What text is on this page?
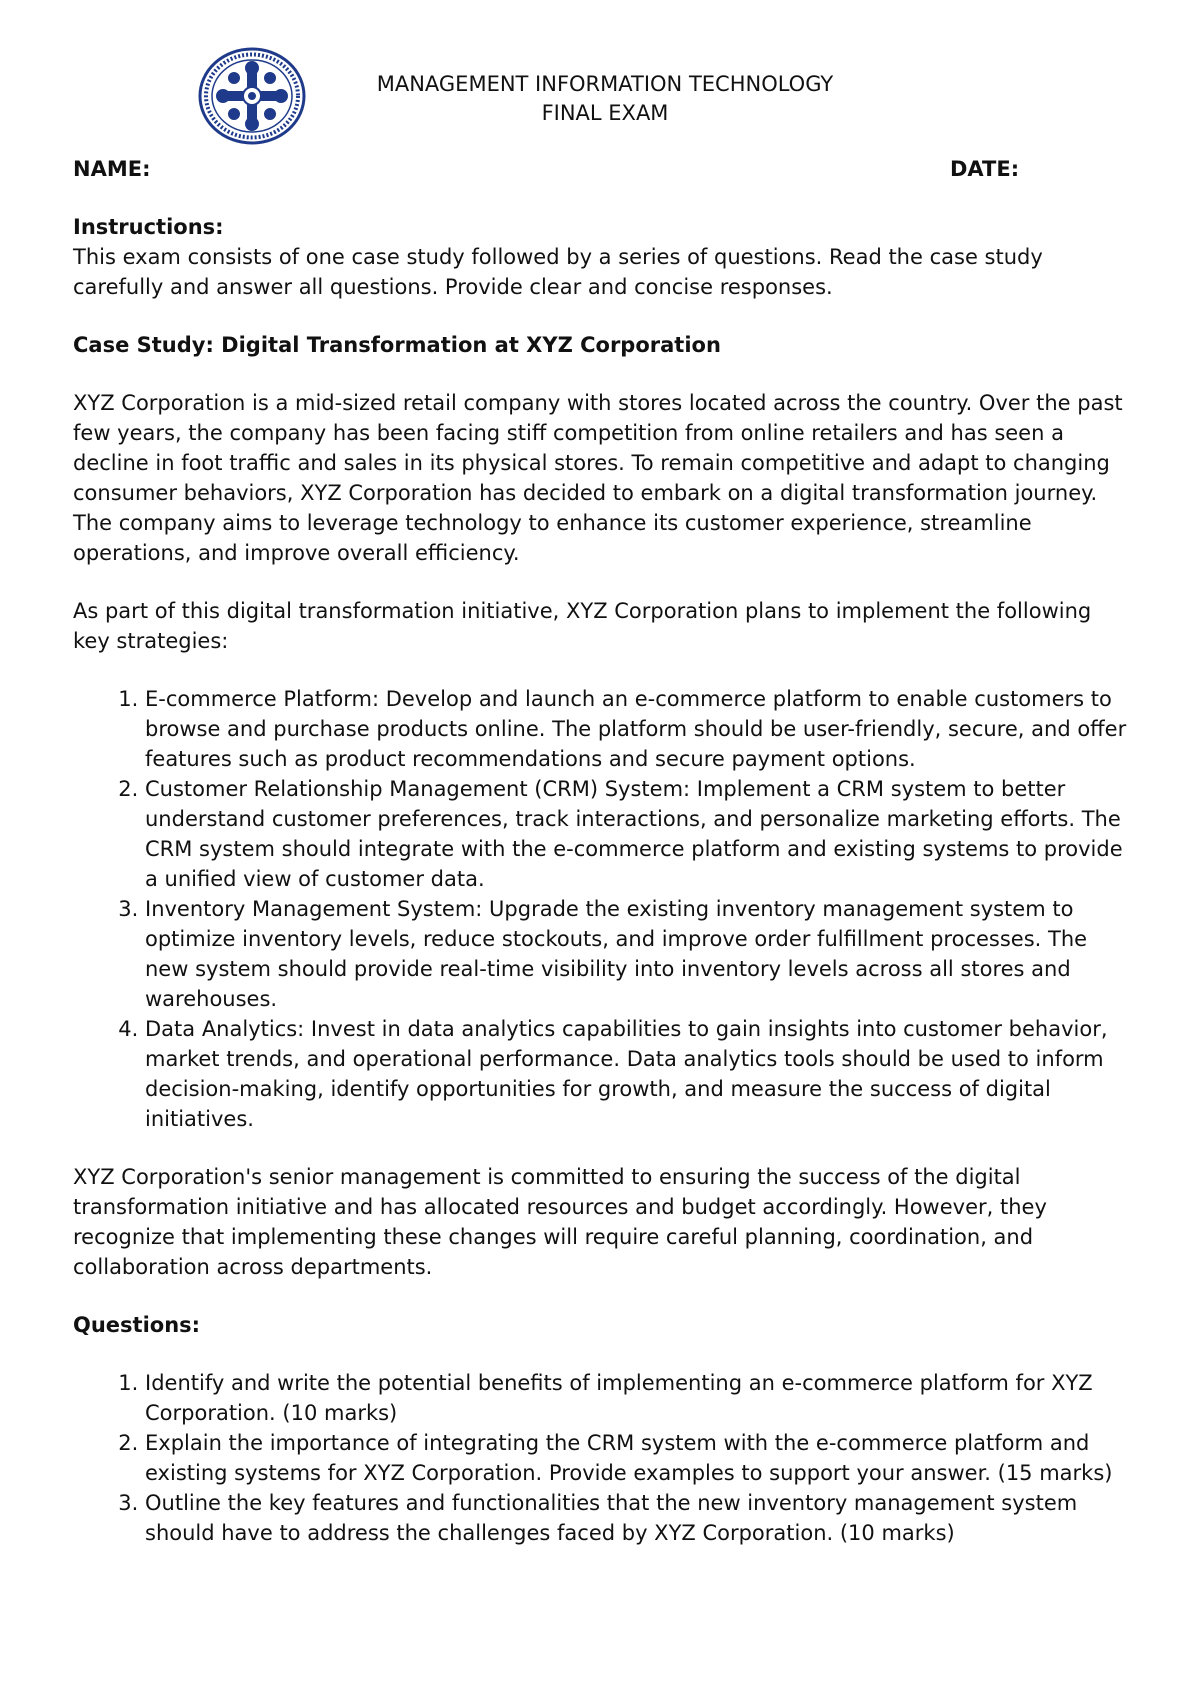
MANAGEMENT INFORMATION TECHNOLOGY
FINAL EXAM
NAME:	DATE:

Instructions:

This exam consists of one case study followed by a series of questions. Read the case study carefully and answer all questions. Provide clear and concise responses.

Case Study: Digital Transformation at XYZ Corporation

XYZ Corporation is a mid-sized retail company with stores located across the country. Over the past few years, the company has been facing stiff competition from online retailers and has seen a decline in foot traffic and sales in its physical stores. To remain competitive and adapt to changing consumer behaviors, XYZ Corporation has decided to embark on a digital transformation journey. The company aims to leverage technology to enhance its customer experience, streamline operations, and improve overall efficiency.

As part of this digital transformation initiative, XYZ Corporation plans to implement the following key strategies:

1. E-commerce Platform: Develop and launch an e-commerce platform to enable customers to browse and purchase products online. The platform should be user-friendly, secure, and offer features such as product recommendations and secure payment options.
2. Customer Relationship Management (CRM) System: Implement a CRM system to better understand customer preferences, track interactions, and personalize marketing efforts. The CRM system should integrate with the e-commerce platform and existing systems to provide a unified view of customer data.
3. Inventory Management System: Upgrade the existing inventory management system to optimize inventory levels, reduce stockouts, and improve order fulfillment processes. The new system should provide real-time visibility into inventory levels across all stores and warehouses.
4. Data Analytics: Invest in data analytics capabilities to gain insights into customer behavior, market trends, and operational performance. Data analytics tools should be used to inform decision-making, identify opportunities for growth, and measure the success of digital initiatives.

XYZ Corporation's senior management is committed to ensuring the success of the digital transformation initiative and has allocated resources and budget accordingly. However, they recognize that implementing these changes will require careful planning, coordination, and collaboration across departments.

Questions:

1. Identify and write the potential benefits of implementing an e-commerce platform for XYZ Corporation. (10 marks)
2. Explain the importance of integrating the CRM system with the e-commerce platform and existing systems for XYZ Corporation. Provide examples to support your answer. (15 marks)
3. Outline the key features and functionalities that the new inventory management system should have to address the challenges faced by XYZ Corporation. (10 marks)
